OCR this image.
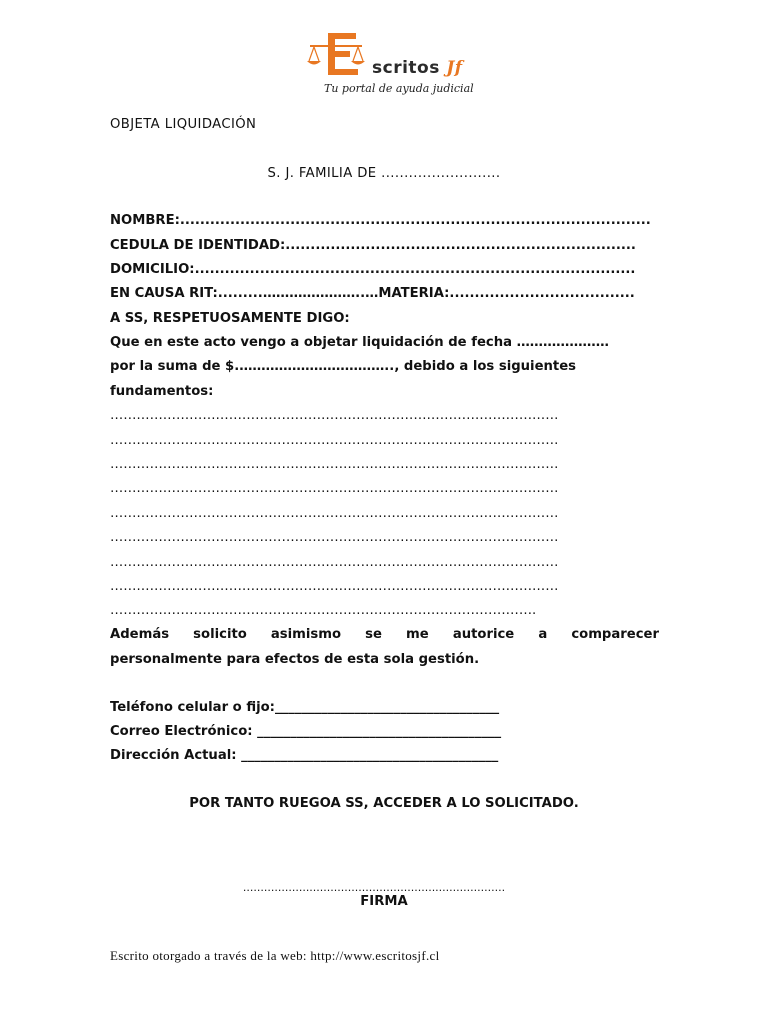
scritos Jf
Tu portal de ayuda judicial
OBJETA LIQUIDACIÓN
S. J. FAMILIA DE ..........................
NOMBRE:..............................................................................................
CEDULA DE IDENTIDAD:......................................................................
DOMICILIO:........................................................................................
EN CAUSA RIT:.........…………………..…MATERIA:.....................................
A SS, RESPETUOSAMENTE DIGO:
Que en este acto vengo a objetar liquidación de fecha …………………
por la suma de $.…………………………….., debido a los siguientes
fundamentos:
…………………………………………………………………………………………
…………………………………………………………………………………………
…………………………………………………………………………………………
…………………………………………………………………………………………
…………………………………………………………………………………………
…………………………………………………………………………………………
…………………………………………………………………………………………
…………………………………………………………………………………………
…………………………………………………………………………………….
Además solicito asimismo se me autorice a comparecer
personalmente para efectos de esta sola gestión.
Teléfono celular o fijo:__________________________________
Correo Electrónico: _____________________________________
Dirección Actual: _______________________________________
POR TANTO RUEGOA SS, ACCEDER A LO SOLICITADO.
...........................................................................
FIRMA
Escrito otorgado a través de la web: http://www.escritosjf.cl
